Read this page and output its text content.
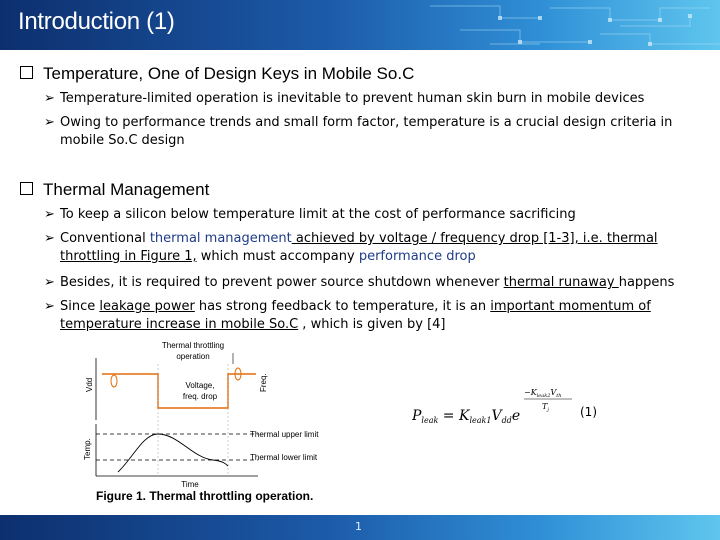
Introduction (1)
Temperature, One of Design Keys in Mobile So.C
➢ Temperature-limited operation is inevitable to prevent human skin burn in mobile devices
➢ Owing to performance trends and small form factor, temperature is a crucial design criteria in mobile So.C design
Thermal Management
➢ To keep a silicon below temperature limit at the cost of performance sacrificing
➢ Conventional thermal management achieved by voltage / frequency drop [1-3], i.e. thermal throttling in Figure 1, which must accompany performance drop
➢ Besides, it is required to prevent power source shutdown whenever thermal runaway happens
➢ Since leakage power has strong feedback to temperature, it is an important momentum of temperature increase in mobile So.C , which is given by [4]
Thermal throttling
operation
Vdd	Freq.
Voltage,
freq. drop
Temp.
Thermal upper limit
Thermal lower limit
Time
Figure 1. Thermal throttling operation.
$P_{leak} = K_{leak1}V_{dd}e$
$-K_{leak2}V_{th}$
$T_j$	(1)
1
